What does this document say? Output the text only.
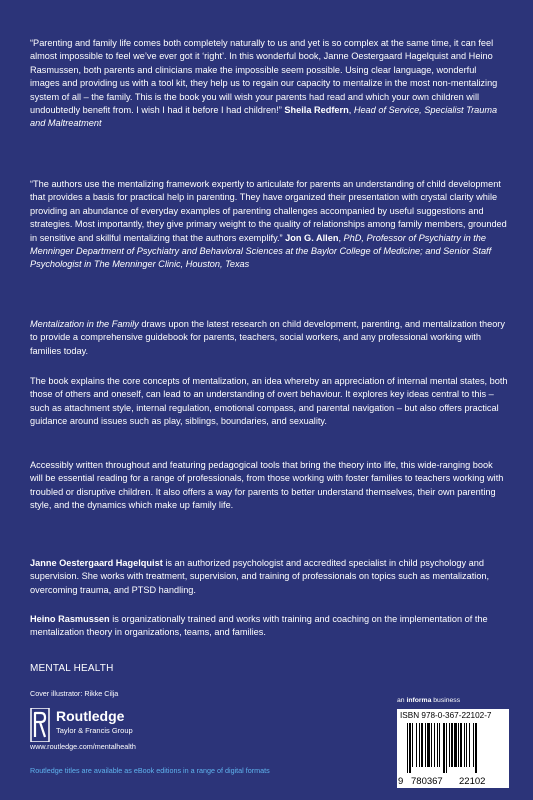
“Parenting and family life comes both completely naturally to us and yet is so complex at the same time, it can feel almost impossible to feel we’ve ever got it ‘right’. In this wonderful book, Janne Oestergaard Hagelquist and Heino Rasmussen, both parents and clinicians make the impossible seem possible. Using clear language, wonderful images and providing us with a tool kit, they help us to regain our capacity to mentalize in the most non-mentalizing system of all – the family. This is the book you will wish your parents had read and which your own children will undoubtedly benefit from. I wish I had it before I had children!” Sheila Redfern, Head of Service, Specialist Trauma and Maltreatment

“The authors use the mentalizing framework expertly to articulate for parents an understanding of child development that provides a basis for practical help in parenting. They have organized their presentation with crystal clarity while providing an abundance of everyday examples of parenting challenges accompanied by useful suggestions and strategies. Most importantly, they give primary weight to the quality of relationships among family members, grounded in sensitive and skillful mentalizing that the authors exemplify.” Jon G. Allen, PhD, Professor of Psychiatry in the Menninger Department of Psychiatry and Behavioral Sciences at the Baylor College of Medicine; and Senior Staff Psychologist in The Menninger Clinic, Houston, Texas

Mentalization in the Family draws upon the latest research on child development, parenting, and mentalization theory to provide a comprehensive guidebook for parents, teachers, social workers, and any professional working with families today.

The book explains the core concepts of mentalization, an idea whereby an appreciation of internal mental states, both those of others and oneself, can lead to an understanding of overt behaviour. It explores key ideas central to this – such as attachment style, internal regulation, emotional compass, and parental navigation – but also offers practical guidance around issues such as play, siblings, boundaries, and sexuality.

Accessibly written throughout and featuring pedagogical tools that bring the theory into life, this wide-ranging book will be essential reading for a range of professionals, from those working with foster families to teachers working with troubled or disruptive children. It also offers a way for parents to better understand themselves, their own parenting style, and the dynamics which make up family life.

Janne Oestergaard Hagelquist is an authorized psychologist and accredited specialist in child psychology and supervision. She works with treatment, supervision, and training of professionals on topics such as mentalization, overcoming trauma, and PTSD handling.

Heino Rasmussen is organizationally trained and works with training and coaching on the implementation of the mentalization theory in organizations, teams, and families.

MENTAL HEALTH
Cover illustrator: Rikke Cilja
Routledge
Taylor & Francis Group
www.routledge.com/mentalhealth
Routledge titles are available as eBook editions in a range of digital formats
an informa business
ISBN 978-0-367-22102-7
9 780367 22102
